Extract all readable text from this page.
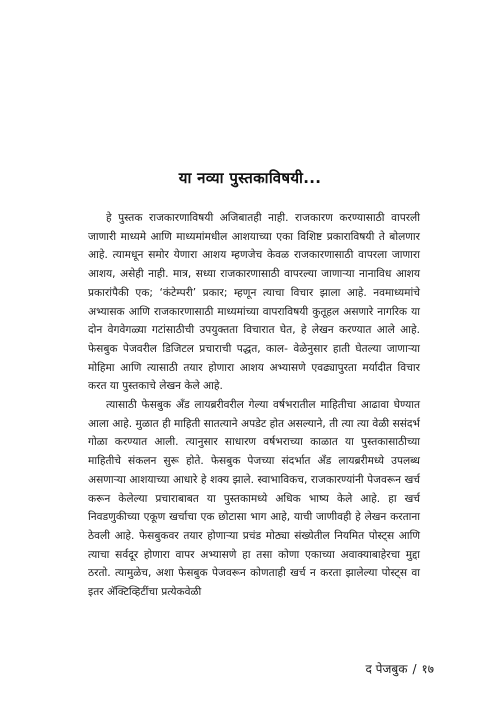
या नव्या पुस्तकाविषयी...

हे पुस्तक राजकारणाविषयी अजिबातही नाही. राजकारण करण्यासाठी वापरली जाणारी माध्यमे आणि माध्यमांमधील आशयाच्या एका विशिष्ट प्रकाराविषयी ते बोलणार आहे. त्यामधून समोर येणारा आशय म्हणजेच केवळ राजकारणासाठी वापरला जाणारा आशय, असेही नाही. मात्र, सध्या राजकारणासाठी वापरल्या जाणाऱ्या नानाविध आशय प्रकारांपैकी एक; ‘कंटेम्परी’ प्रकार; म्हणून त्याचा विचार झाला आहे. नवमाध्यमांचे अभ्यासक आणि राजकारणासाठी माध्यमांच्या वापराविषयी कुतूहल असणारे नागरिक या दोन वेगवेगळ्या गटांसाठीची उपयुक्तता विचारात घेत, हे लेखन करण्यात आले आहे. फेसबुक पेजवरील डिजिटल प्रचाराची पद्धत, काल- वेळेनुसार हाती घेतल्या जाणाऱ्या मोहिमा आणि त्यासाठी तयार होणारा आशय अभ्यासणे एवढ्यापुरता मर्यादीत विचार करत या पुस्तकाचे लेखन केले आहे.

त्यासाठी फेसबुक अँड लायब्ररीवरील गेल्या वर्षभरातील माहितीचा आढावा घेण्यात आला आहे. मुळात ही माहिती सातत्याने अपडेट होत असल्याने, ती त्या त्या वेळी ससंदर्भ गोळा करण्यात आली. त्यानुसार साधारण वर्षभराच्या काळात या पुस्तकासाठीच्या माहितीचे संकलन सुरू होते. फेसबुक पेजच्या संदर्भात अँड लायब्ररीमध्ये उपलब्ध असणाऱ्या आशयाच्या आधारे हे शक्य झाले. स्वाभाविकच, राजकारण्यांनी पेजवरून खर्च करून केलेल्या प्रचाराबाबत या पुस्तकामध्ये अधिक भाष्य केले आहे. हा खर्च निवडणुकीच्या एकूण खर्चाचा एक छोटासा भाग आहे, याची जाणीवही हे लेखन करताना ठेवली आहे. फेसबुकवर तयार होणाऱ्या प्रचंड मोठ्या संख्येतील नियमित पोस्ट्स आणि त्याचा सर्वदूर होणारा वापर अभ्यासणे हा तसा कोणा एकाच्या अवाक्याबाहेरचा मुद्दा ठरतो. त्यामुळेच, अशा फेसबुक पेजवरून कोणताही खर्च न करता झालेल्या पोस्ट्स वा इतर अ‍ॅक्टिव्हिटींचा प्रत्येकवेळी

द पेजबुक / १७
